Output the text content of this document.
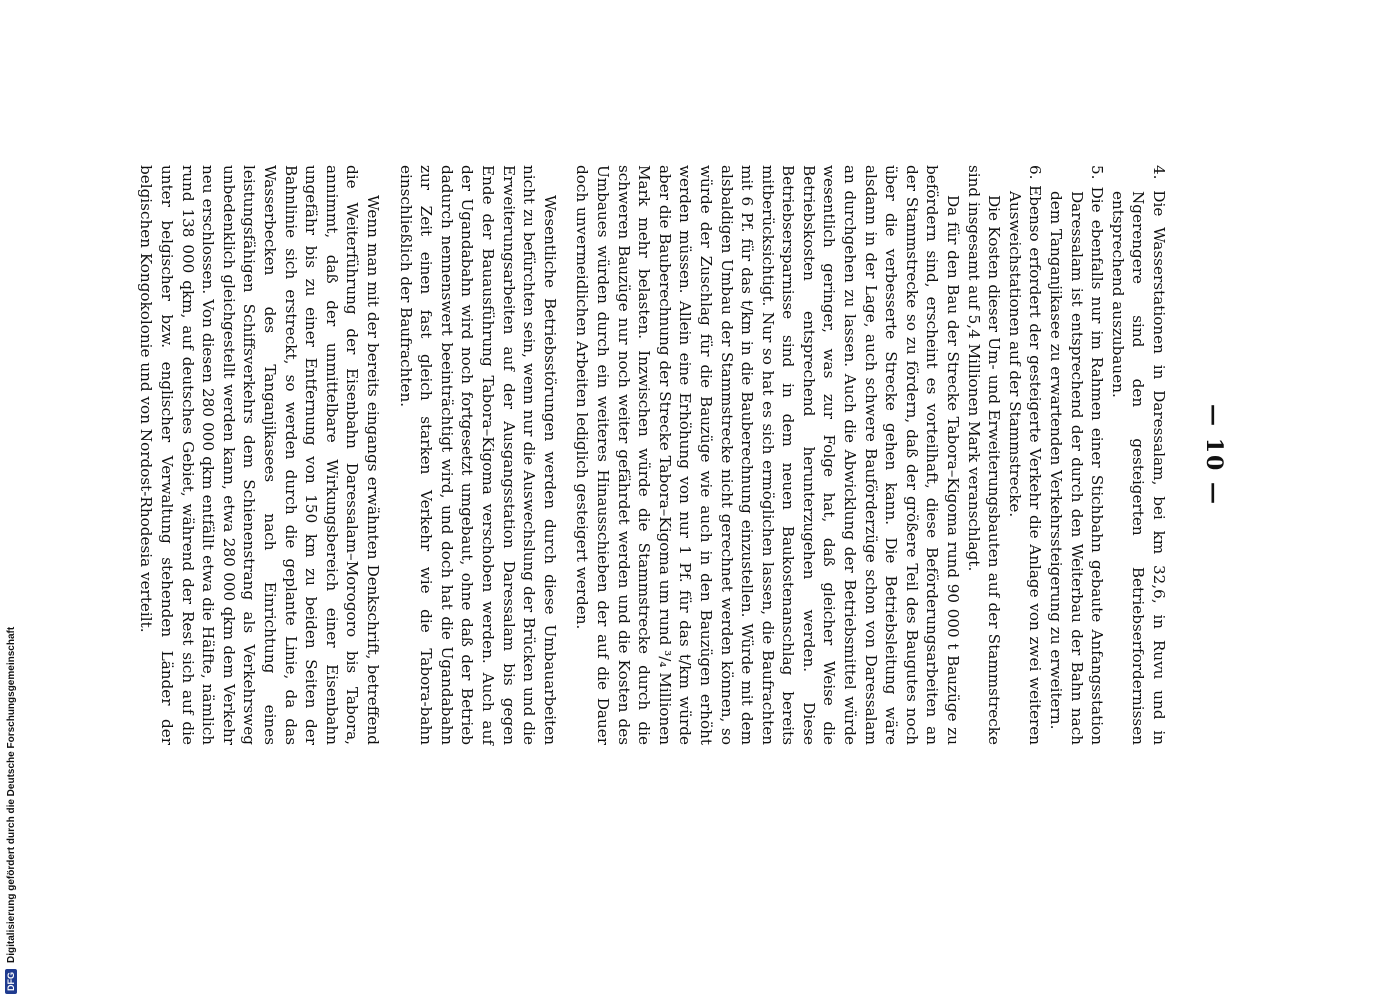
— 10 —

4. Die Wasserstationen in Daressalam, bei km 32,6, in Ruvu und in Ngerengere sind den gesteigerten Betriebserfordernissen entsprechend auszubauen.

5. Die ebenfalls nur im Rahmen einer Stichbahn gebaute Anfangsstation Daressalam ist entsprechend der durch den Weiterbau der Bahn nach dem Tanganjikasee zu erwartenden Verkehrssteigerung zu erweitern.

6. Ebenso erfordert der gesteigerte Verkehr die Anlage von zwei weiteren Ausweichstationen auf der Stammstrecke.

Die Kosten dieser Um- und Erweiterungsbauten auf der Stammstrecke sind insgesamt auf 5,4 Millionen Mark veranschlagt.

Da für den Bau der Strecke Tabora–Kigoma rund 90 000 t Bauzüge zu befördern sind, erscheint es vorteilhaft, diese Beförderungsarbeiten an der Stammstrecke so zu fördern, daß der größere Teil des Baugutes noch über die verbesserte Strecke gehen kann. Die Betriebsleitung wäre alsdann in der Lage, auch schwere Bauförderzüge schon von Daressalam an durchgehen zu lassen. Auch die Abwicklung der Betriebsmittel würde wesentlich geringer, was zur Folge hat, daß gleicher Weise die Betriebskosten entsprechend herunterzugehen werden. Diese Betriebsersparnisse sind in dem neuen Baukostenanschlag bereits mitberücksichtigt. Nur so hat es sich ermöglichen lassen, die Baufrachten mit 6 Pf. für das t/km in die Bauberechnung einzustellen. Würde mit dem alsbaldigen Umbau der Stammstrecke nicht gerechnet werden können, so würde der Zuschlag für die Bauzüge wie auch in den Bauzügen erhöht werden müssen. Allein eine Erhöhung von nur 1 Pf. für das t/km würde aber die Bauberechnung der Strecke Tabora–Kigoma um rund ³/₄ Millionen Mark mehr belasten. Inzwischen würde die Stammstrecke durch die schweren Bauzüge nur noch weiter gefährdet werden und die Kosten des Umbaues würden durch ein weiteres Hinausschieben der auf die Dauer doch unvermeidlichen Arbeiten lediglich gesteigert werden.

Wesentliche Betriebsstörungen werden durch diese Umbauarbeiten nicht zu befürchten sein, wenn nur die Auswechslung der Brücken und die Erweiterungsarbeiten auf der Ausgangsstation Daressalam bis gegen Ende der Bauausführung Tabora–Kigoma verschoben werden. Auch auf der Ugandabahn wird noch fortgesetzt umgebaut, ohne daß der Betrieb dadurch nennenswert beeinträchtigt wird, und doch hat die Ugandabahn zur Zeit einen fast gleich starken Verkehr wie die Tabora-bahn einschließlich der Baufrachten.

Wenn man mit der bereits eingangs erwähnten Denkschrift, betreffend die Weiterführung der Eisenbahn Daressalam–Morogoro bis Tabora, annimmt, daß der unmittelbare Wirkungsbereich einer Eisenbahn ungefähr bis zu einer Entfernung von 150 km zu beiden Seiten der Bahnlinie sich erstreckt, so werden durch die geplante Linie, da das Wasserbecken des Tanganjikasees nach Einrichtung eines leistungsfähigen Schiffsverkehrs dem Schienenstrang als Verkehrsweg unbedenklich gleichgestellt werden kann, etwa 280 000 qkm dem Verkehr neu erschlossen. Von diesen 280 000 qkm entfällt etwa die Hälfte, nämlich rund 138 000 qkm, auf deutsches Gebiet, während der Rest sich auf die unter belgischer bzw. englischer Verwaltung stehenden Länder der belgischen Kongokolonie und von Nordost-Rhodesia verteilt.

DFG
Digitalisierung gefördert durch die Deutsche Forschungsgemeinschaft
